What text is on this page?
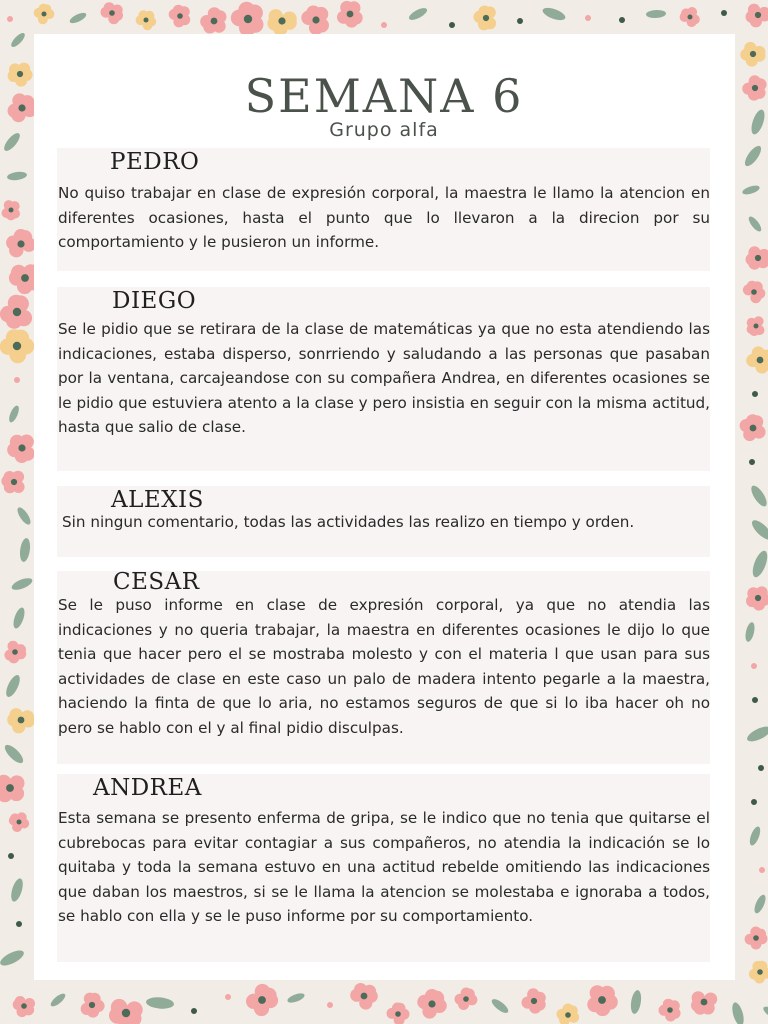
SEMANA 6
Grupo alfa
PEDRO
No quiso trabajar en clase de expresión corporal, la maestra le llamo la atencion en diferentes ocasiones, hasta el punto que lo llevaron a la direcion por su comportamiento y le pusieron un informe.
DIEGO
Se le pidio que se retirara de la clase de matemáticas ya que no esta atendiendo las indicaciones, estaba disperso, sonrriendo y saludando a las personas que pasaban por la ventana, carcajeandose con su compañera Andrea, en diferentes ocasiones se le pidio que estuviera atento a la clase y pero insistia en seguir con la misma actitud, hasta que salio de clase.
ALEXIS
Sin ningun comentario, todas las actividades las realizo en tiempo y orden.
CESAR
Se le puso informe en clase de expresión corporal, ya que no atendia las indicaciones y no queria trabajar, la maestra en diferentes ocasiones le dijo lo que tenia que hacer pero el se mostraba molesto y con el materia l que usan para sus actividades de clase en este caso un palo de madera intento pegarle a la maestra, haciendo la finta de que lo aria, no estamos seguros de que si lo iba hacer oh no pero se hablo con el y al final pidio disculpas.
ANDREA
Esta semana se presento enferma de gripa, se le indico que no tenia que quitarse el cubrebocas para evitar contagiar a sus compañeros, no atendia la indicación se lo quitaba y toda la semana estuvo en una actitud rebelde omitiendo las indicaciones que daban los maestros, si se le llama la atencion se molestaba e ignoraba a todos, se hablo con ella y se le puso informe por su comportamiento.
